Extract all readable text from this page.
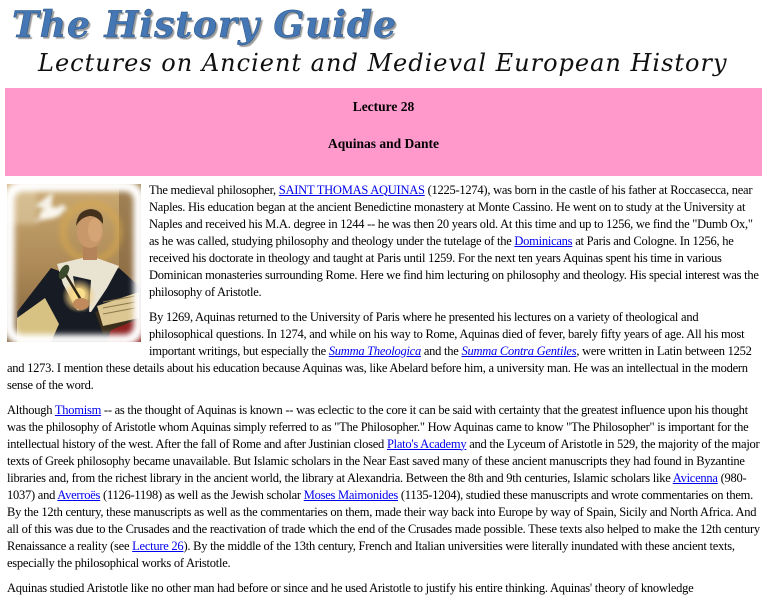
The History Guide
Lectures on Ancient and Medieval European History

Lecture 28

Aquinas and Dante

The medieval philosopher, SAINT THOMAS AQUINAS (1225-1274), was born in the castle of his father at Roccasecca, near Naples. His education began at the ancient Benedictine monastery at Monte Cassino. He went on to study at the University at Naples and received his M.A. degree in 1244 -- he was then 20 years old. At this time and up to 1256, we find the "Dumb Ox," as he was called, studying philosophy and theology under the tutelage of the Dominicans at Paris and Cologne. In 1256, he received his doctorate in theology and taught at Paris until 1259. For the next ten years Aquinas spent his time in various Dominican monasteries surrounding Rome. Here we find him lecturing on philosophy and theology. His special interest was the philosophy of Aristotle.

By 1269, Aquinas returned to the University of Paris where he presented his lectures on a variety of theological and philosophical questions. In 1274, and while on his way to Rome, Aquinas died of fever, barely fifty years of age. All his most important writings, but especially the Summa Theologica and the Summa Contra Gentiles, were written in Latin between 1252 and 1273. I mention these details about his education because Aquinas was, like Abelard before him, a university man. He was an intellectual in the modern sense of the word.

Although Thomism -- as the thought of Aquinas is known -- was eclectic to the core it can be said with certainty that the greatest influence upon his thought was the philosophy of Aristotle whom Aquinas simply referred to as "The Philosopher." How Aquinas came to know "The Philosopher" is important for the intellectual history of the west. After the fall of Rome and after Justinian closed Plato's Academy and the Lyceum of Aristotle in 529, the majority of the major texts of Greek philosophy became unavailable. But Islamic scholars in the Near East saved many of these ancient manuscripts they had found in Byzantine libraries and, from the richest library in the ancient world, the library at Alexandria. Between the 8th and 9th centuries, Islamic scholars like Avicenna (980-1037) and Averroës (1126-1198) as well as the Jewish scholar Moses Maimonides (1135-1204), studied these manuscripts and wrote commentaries on them. By the 12th century, these manuscripts as well as the commentaries on them, made their way back into Europe by way of Spain, Sicily and North Africa. And all of this was due to the Crusades and the reactivation of trade which the end of the Crusades made possible. These texts also helped to make the 12th century Renaissance a reality (see Lecture 26). By the middle of the 13th century, French and Italian universities were literally inundated with these ancient texts, especially the philosophical works of Aristotle.

Aquinas studied Aristotle like no other man had before or since and he used Aristotle to justify his entire thinking. Aquinas' theory of knowledge
